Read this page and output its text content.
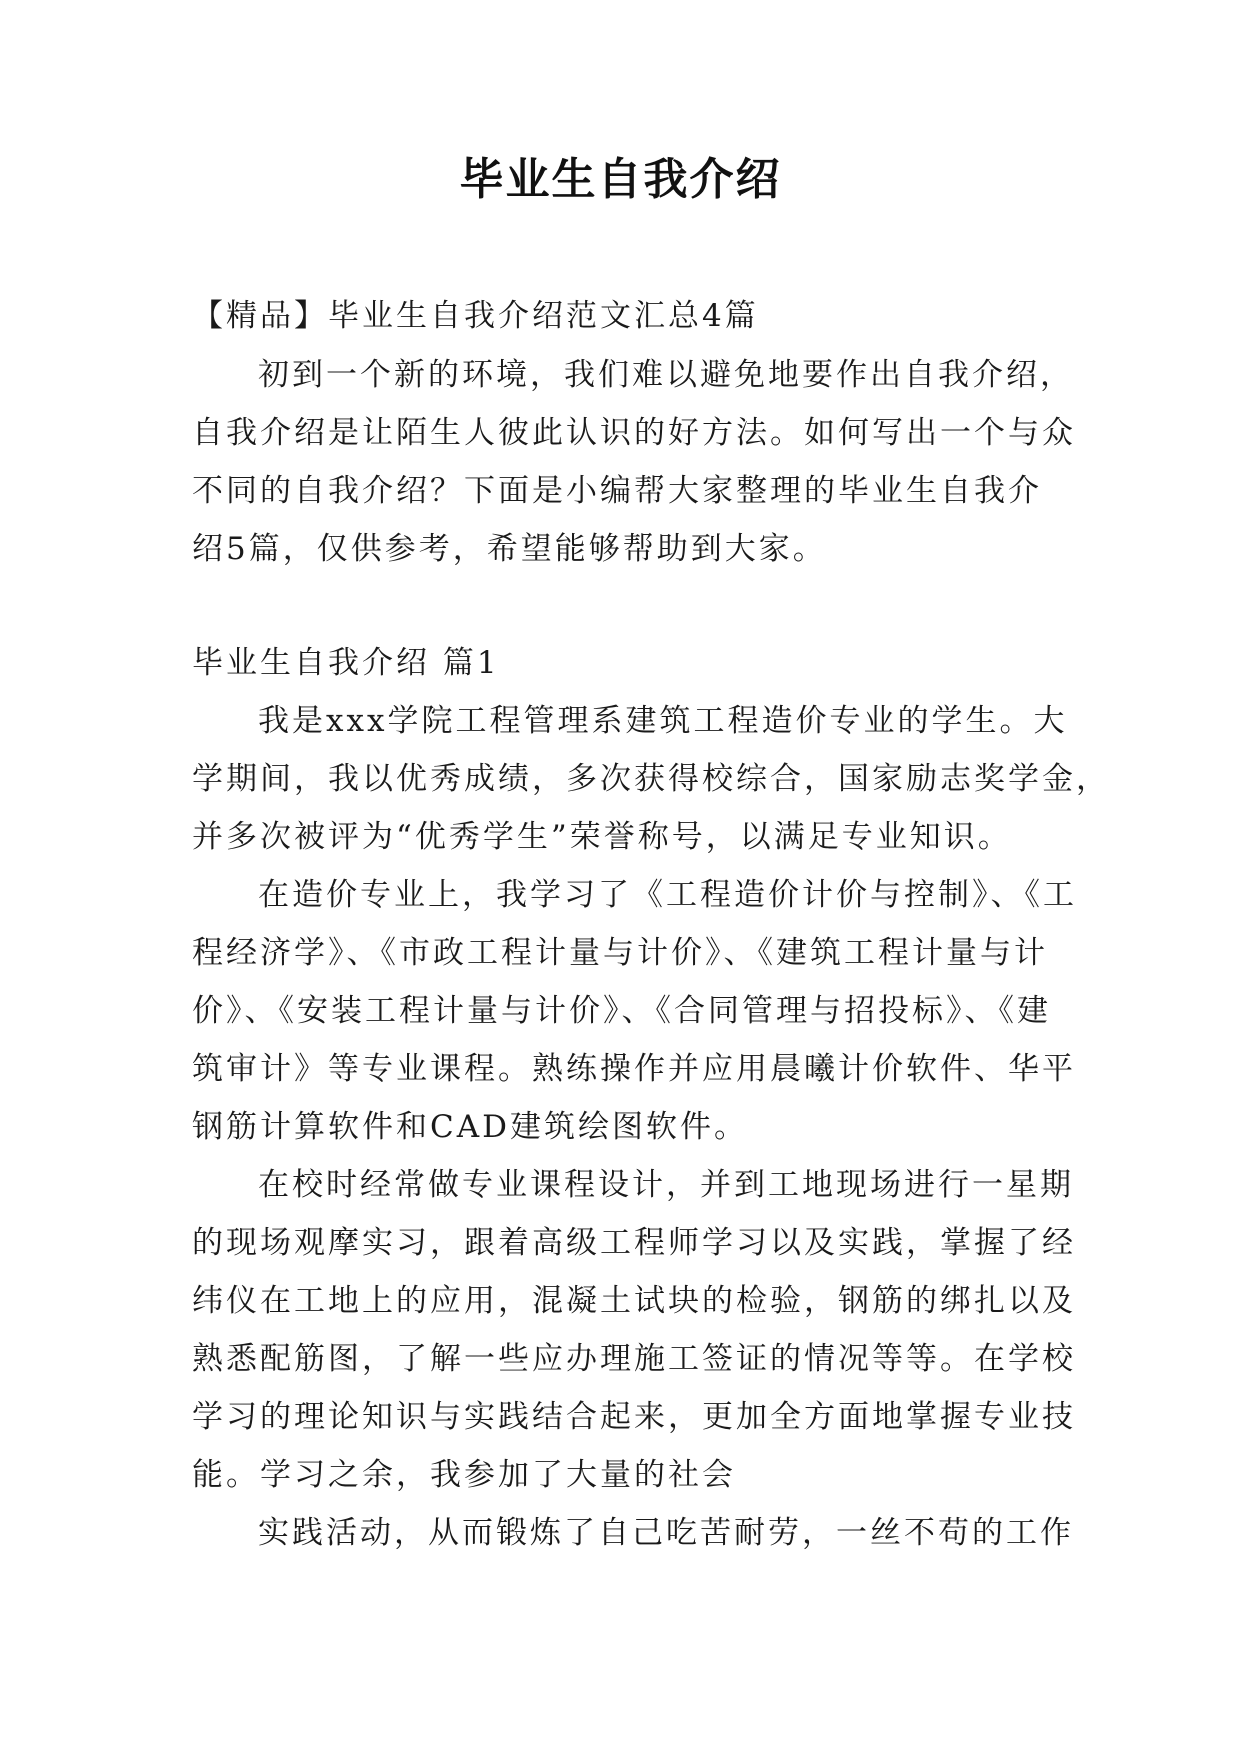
毕业生自我介绍

【精品】毕业生自我介绍范文汇总4篇

初到一个新的环境，我们难以避免地要作出自我介绍，

自我介绍是让陌生人彼此认识的好方法。如何写出一个与众

不同的自我介绍？下面是小编帮大家整理的毕业生自我介

绍5篇，仅供参考，希望能够帮助到大家。

毕业生自我介绍 篇1

我是xxx学院工程管理系建筑工程造价专业的学生。大

学期间，我以优秀成绩，多次获得校综合，国家励志奖学金，

并多次被评为“优秀学生”荣誉称号，以满足专业知识。

在造价专业上，我学习了《工程造价计价与控制》、《工

程经济学》、《市政工程计量与计价》、《建筑工程计量与计

价》、《安装工程计量与计价》、《合同管理与招投标》、《建

筑审计》等专业课程。熟练操作并应用晨曦计价软件、华平

钢筋计算软件和CAD建筑绘图软件。

在校时经常做专业课程设计，并到工地现场进行一星期

的现场观摩实习，跟着高级工程师学习以及实践，掌握了经

纬仪在工地上的应用，混凝土试块的检验，钢筋的绑扎以及

熟悉配筋图，了解一些应办理施工签证的情况等等。在学校

学习的理论知识与实践结合起来，更加全方面地掌握专业技

能。学习之余，我参加了大量的社会

实践活动，从而锻炼了自己吃苦耐劳，一丝不苟的工作
